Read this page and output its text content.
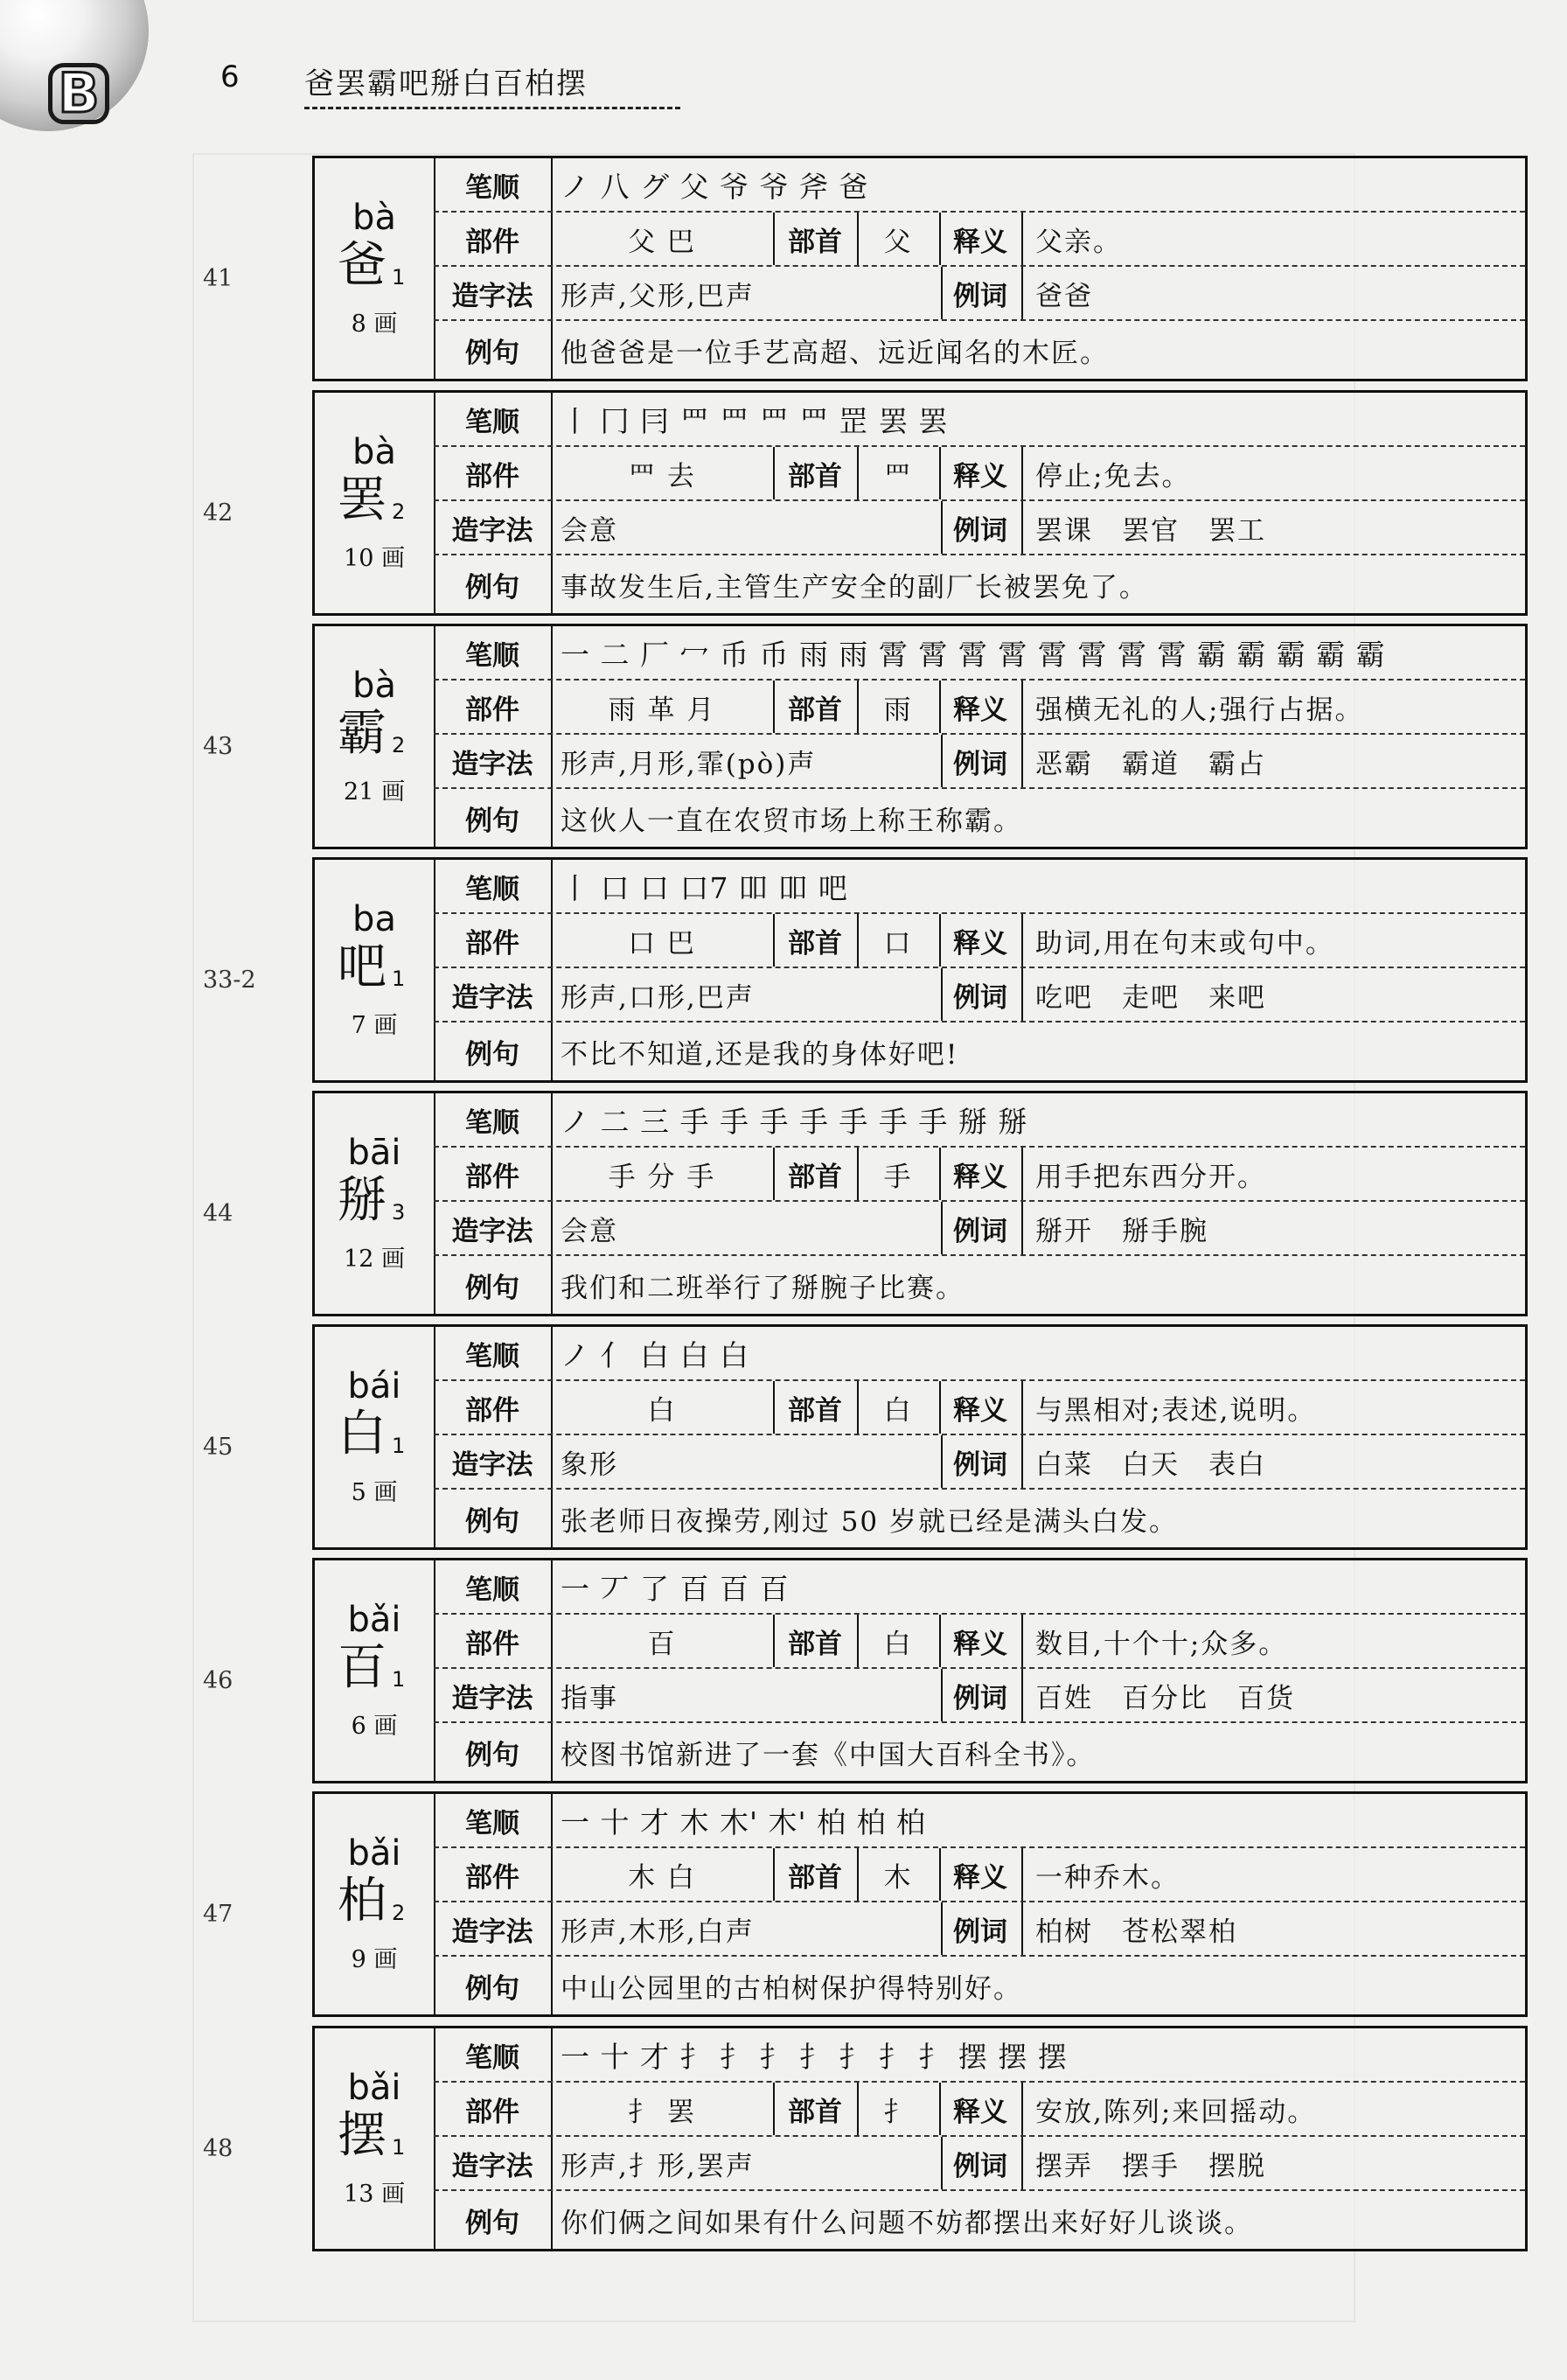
B	6 爸罢霸吧掰白百柏摆
41
bà
爸 1
8 画
笔顺	ノ 八 グ 父 爷 爷 斧 爸
部件	父 巴	部首	父	释义	父亲。
造字法	形声,父形,巴声	例词	爸爸
例句	他爸爸是一位手艺高超、远近闻名的木匠。
42
bà
罢 2
10 画
笔顺	丨 冂 冃 罒 罒 罒 罒 罡 罢 罢
部件	罒 去	部首	罒	释义	停止;免去。
造字法	会意	例词	罢课　罢官　罢工
例句	事故发生后,主管生产安全的副厂长被罢免了。
43
bà
霸 2
21 画
笔顺	一 二 厂 冖 币 币 雨 雨 霄 霄 霄 霄 霄 霄 霄 霄 霸 霸 霸 霸 霸
部件	雨 革 月	部首	雨	释义	强横无礼的人;强行占据。
造字法	形声,月形,霏(pò)声	例词	恶霸　霸道　霸占
例句	这伙人一直在农贸市场上称王称霸。
33-2
ba
吧 1
7 画
笔顺	丨 口 口 口7 吅 吅 吧
部件	口 巴	部首	口	释义	助词,用在句末或句中。
造字法	形声,口形,巴声	例词	吃吧　走吧　来吧
例句	不比不知道,还是我的身体好吧!
44
bāi
掰 3
12 画
笔顺	ノ 二 三 手 手 手 手 手 手 手 掰 掰
部件	手 分 手	部首	手	释义	用手把东西分开。
造字法	会意	例词	掰开　掰手腕
例句	我们和二班举行了掰腕子比赛。
45
bái
白 1
5 画
笔顺	ノ 亻 白 白 白
部件	白	部首	白	释义	与黑相对;表述,说明。
造字法	象形	例词	白菜　白天　表白
例句	张老师日夜操劳,刚过 50 岁就已经是满头白发。
46
bǎi
百 1
6 画
笔顺	一 丆 了 百 百 百
部件	百	部首	白	释义	数目,十个十;众多。
造字法	指事	例词	百姓　百分比　百货
例句	校图书馆新进了一套《中国大百科全书》。
47
bǎi
柏 2
9 画
笔顺	一 十 才 木 木' 木' 柏 柏 柏
部件	木 白	部首	木	释义	一种乔木。
造字法	形声,木形,白声	例词	柏树　苍松翠柏
例句	中山公园里的古柏树保护得特别好。
48
bǎi
摆 1
13 画
笔顺	一 十 才 扌 扌 扌 扌 扌 扌 扌 摆 摆 摆
部件	扌 罢	部首	扌	释义	安放,陈列;来回摇动。
造字法	形声,扌形,罢声	例词	摆弄　摆手　摆脱
例句	你们俩之间如果有什么问题不妨都摆出来好好儿谈谈。
